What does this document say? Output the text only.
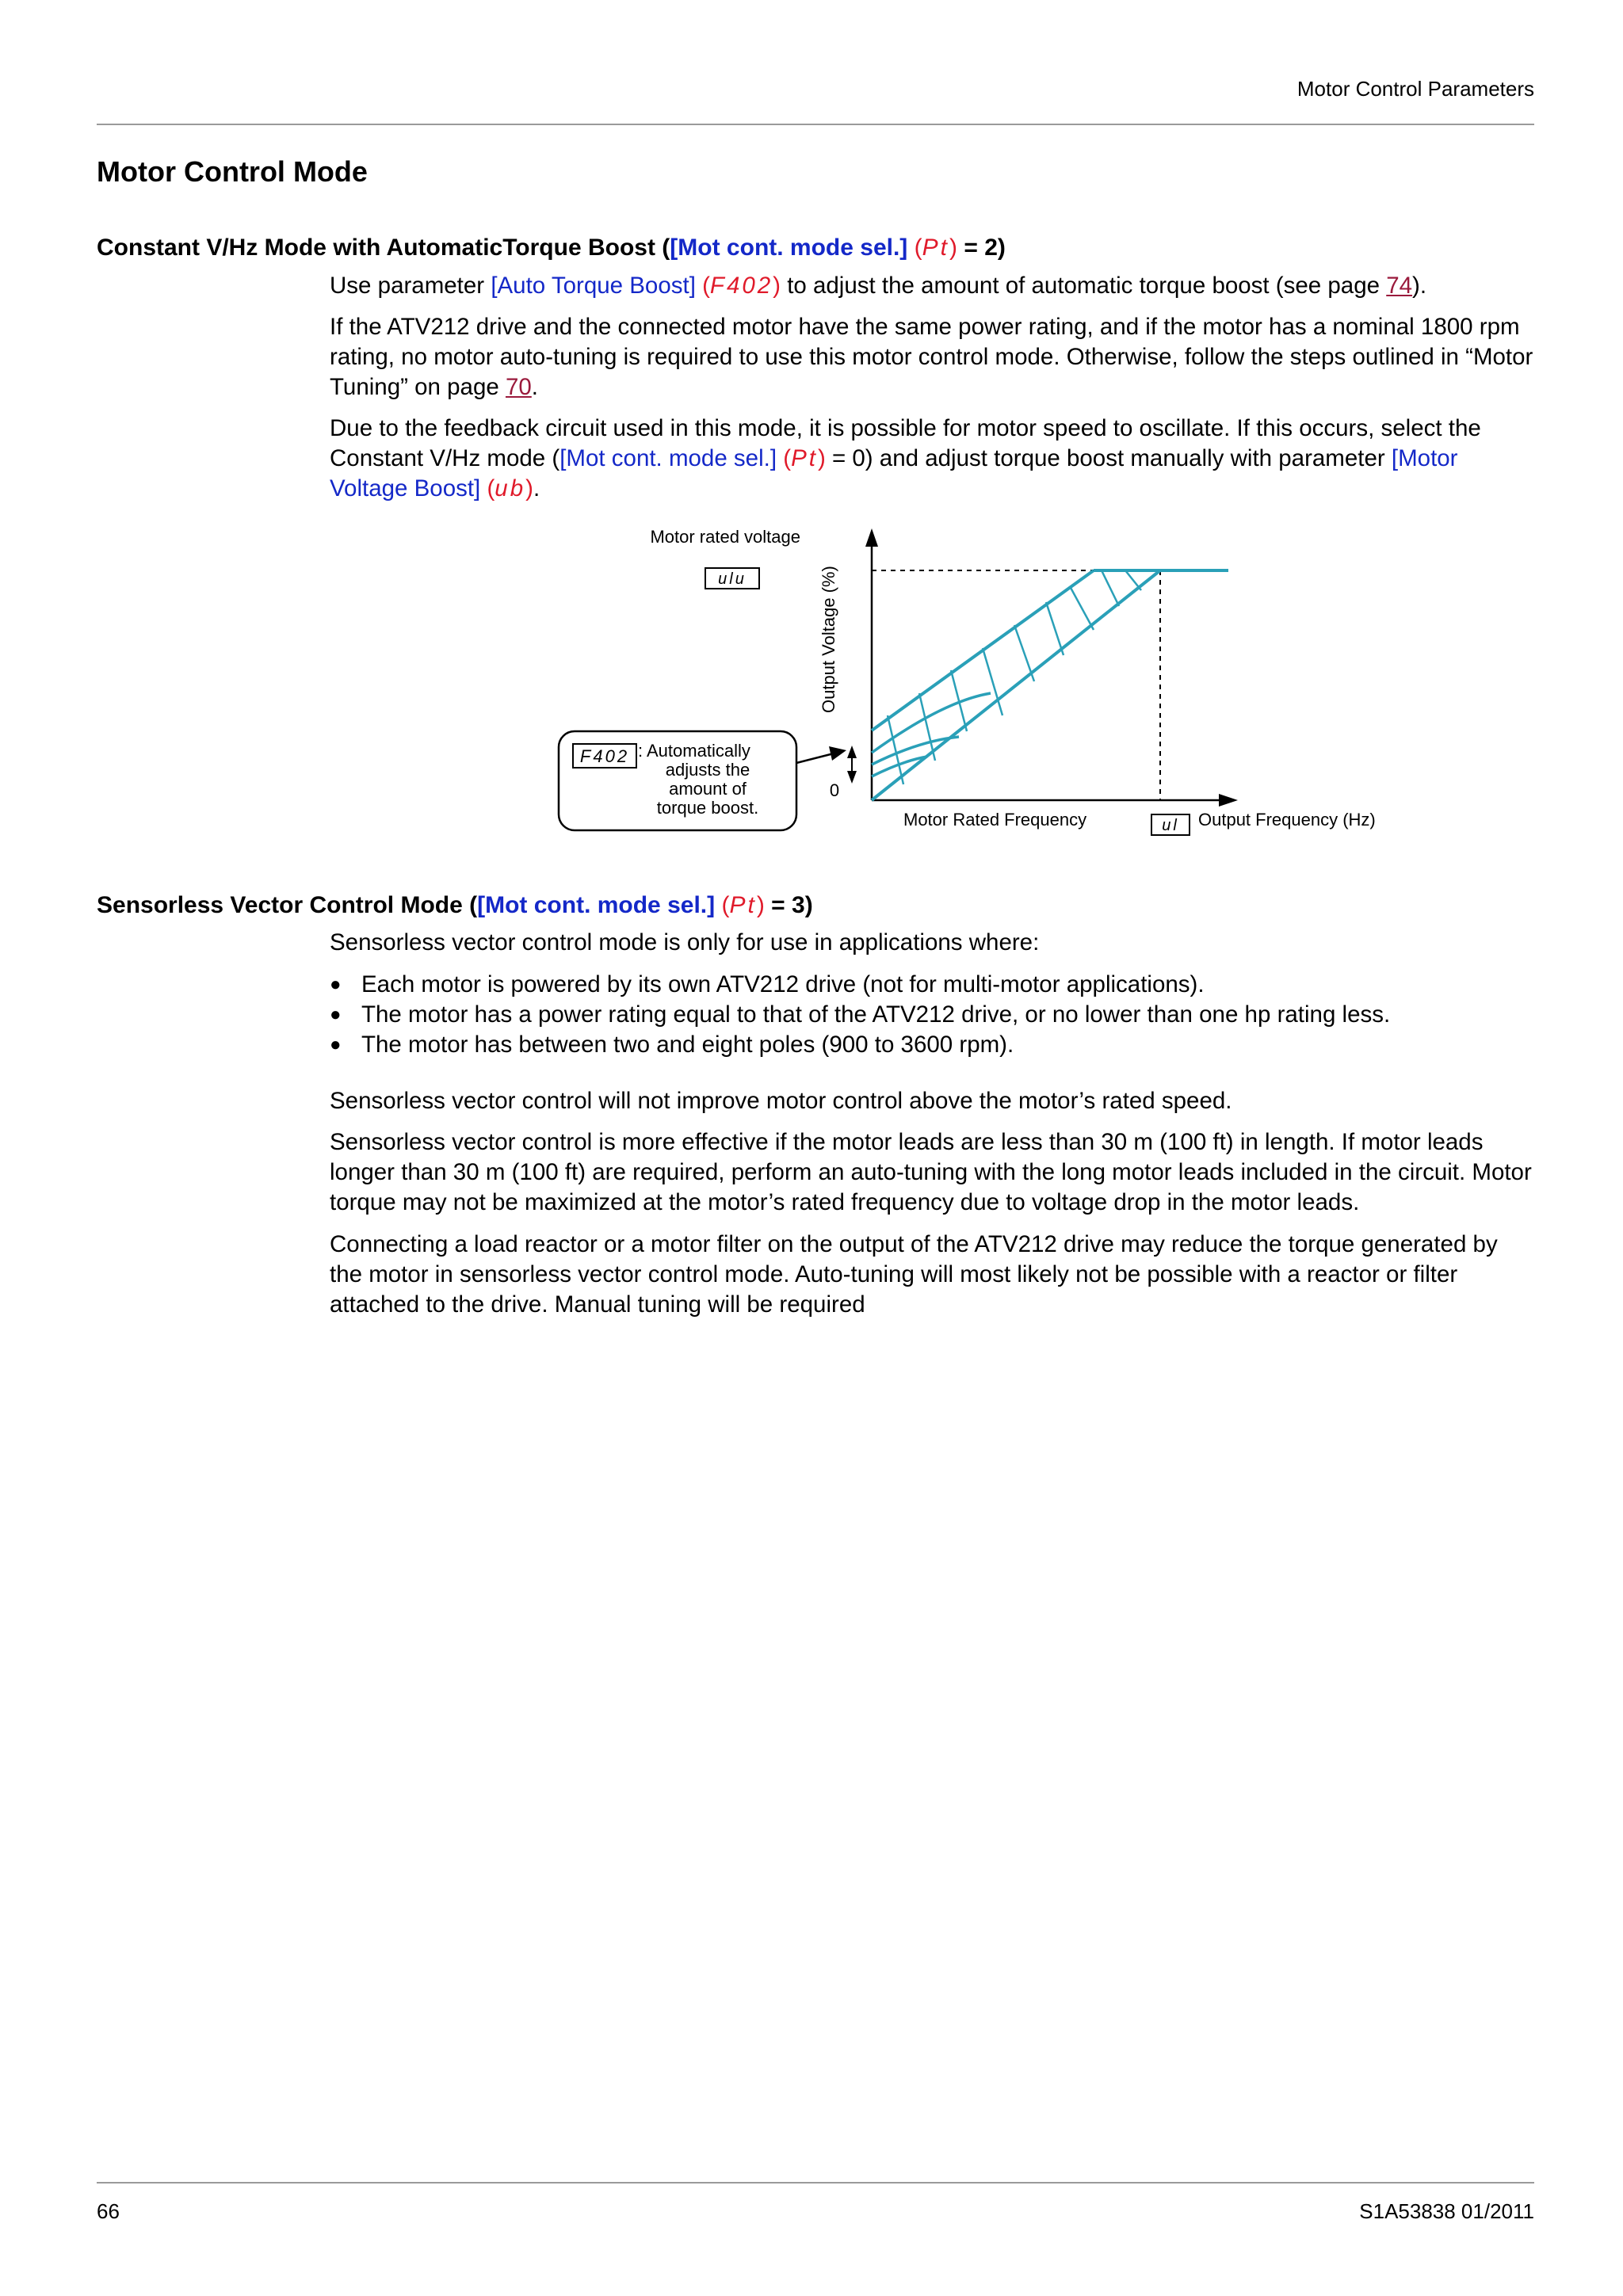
Motor Control Parameters
Motor Control Mode
Constant V/Hz Mode with AutomaticTorque Boost ([Mot cont. mode sel.] (Pt) = 2)

Use parameter [Auto Torque Boost] (F402) to adjust the amount of automatic torque boost (see page 74).

If the ATV212 drive and the connected motor have the same power rating, and if the motor has a nominal 1800 rpm rating, no motor auto-tuning is required to use this motor control mode. Otherwise, follow the steps outlined in “Motor Tuning” on page 70.

Due to the feedback circuit used in this mode, it is possible for motor speed to oscillate. If this occurs, select the Constant V/Hz mode ([Mot cont. mode sel.] (Pt) = 0) and adjust torque boost manually with parameter [Motor Voltage Boost] (ub).

Motor rated voltage
ulu	Output Voltage (%)
0
Motor Rated Frequency	ul Output Frequency (Hz)
F402 : Automatically
adjusts the
amount of
torque boost.
Sensorless Vector Control Mode ([Mot cont. mode sel.] (Pt) = 3)

Sensorless vector control mode is only for use in applications where:

● Each motor is powered by its own ATV212 drive (not for multi-motor applications).
● The motor has a power rating equal to that of the ATV212 drive, or no lower than one hp rating less.
● The motor has between two and eight poles (900 to 3600 rpm).

Sensorless vector control will not improve motor control above the motor’s rated speed.

Sensorless vector control is more effective if the motor leads are less than 30 m (100 ft) in length. If motor leads longer than 30 m (100 ft) are required, perform an auto-tuning with the long motor leads included in the circuit. Motor torque may not be maximized at the motor’s rated frequency due to voltage drop in the motor leads.

Connecting a load reactor or a motor filter on the output of the ATV212 drive may reduce the torque generated by the motor in sensorless vector control mode. Auto-tuning will most likely not be possible with a reactor or filter attached to the drive. Manual tuning will be required

66	S1A53838 01/2011
